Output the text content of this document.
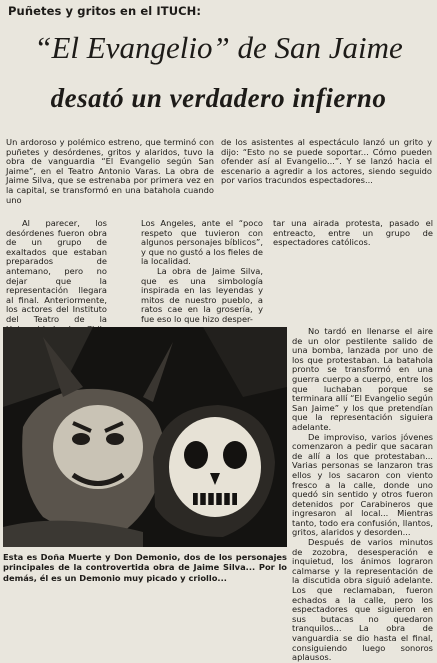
Puñetes y gritos en el ITUCH:
“El Evangelio” de San Jaime
desató un verdadero infierno
Un ardoroso y polémico estreno, que terminó con puñetes y desórdenes, gritos y alaridos, tuvo la obra de vanguardia “El Evangelio según San Jaime”, en el Teatro Antonio Varas. La obra de Jaime Silva, que se estrenaba por primera vez en la capital, se transformó en una batahola cuando uno
de los asistentes al espectáculo lanzó un grito y dijo: “Esto no se puede soportar... Cómo pueden ofender así al Evangelio...”. Y se lanzó hacia el escenario a agredir a los actores, siendo seguido por varios tracundos espectadores...
Al parecer, los desórdenes fueron obra de un grupo de exaltados que estaban preparados de antemano, pero no dejar que la representación llegara al final. Anteriormente, los actores del Instituto del Teatro de la
Los Angeles, ante el “poco respeto que tuvieron con algunos personajes bíblicos”, y que no gustó a los fieles de la localidad.
La obra de Jaime Silva, que es una simbología inspirada en las leyendas y mitos de nuestro pueblo, a ratos cae en la grosería, y fue eso lo que hizo desper-
tar una airada protesta, pasado el entreacto, entre un grupo de espectadores católicos.
Esta es Doña Muerte y Don Demonio, dos de los personajes principales de la controvertida obra de Jaime Silva... Por lo demás, él es un Demonio muy picado y criollo...
No tardó en llenarse el aire de un olor pestilente salido de una bomba, lanzada por uno de los que protestaban. La batahola pronto se transformó en una guerra cuerpo a cuerpo, entre los que luchaban porque se terminara allí “El Evangelio según San Jaime” y los que pretendían que la representación siguiera adelante.
De improviso, varios jóvenes comenzaron a pedir que sacaran de allí a los que protestaban... Varias personas se lanzaron tras ellos y los sacaron con viento fresco a la calle, donde uno quedó sin sentido y otros fueron detenidos por Carabineros que ingresaron al local... Mientras tanto, todo era confusión, llantos, gritos, alaridos y desorden...
Después de varios minutos de zozobra, desesperación e inquietud, los ánimos lograron calmarse y la representación de la discutida obra siguió adelante. Los que reclamaban, fueron echados a la calle, pero los espectadores que siguieron en sus butacas no quedaron tranquilos... La obra de vanguardia se dio hasta el final, consiguiendo luego sonoros aplausos.
